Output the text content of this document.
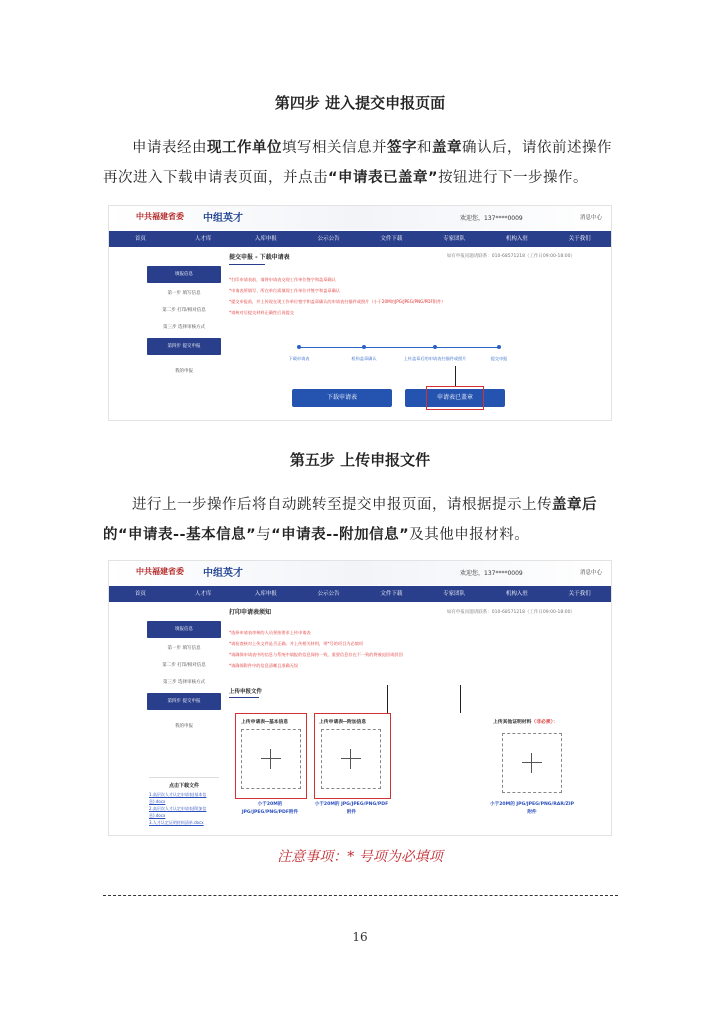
第四步 进入提交申报页面
申请表经由现工作单位填写相关信息并签字和盖章确认后，请依前述操作再次进入下载申请表页面，并点击“申请表已盖章”按钮进行下一步操作。
中共福建省委 中组英才	欢迎您，137****0009	消息中心
首页	人才库	入库申报	公示公告	文件下载	专家团队	机构入驻	关于我们
填报信息
第一步 填写信息
第二步 打印/相对信息
第三步 选择审核方式
第四步 提交申报
我的申报
提交申报 - 下载申请表	如有申报问题请联系：010-68571218（工作日09:00-18:00）
*打印申请表前，请将申请表交现工作单位签字和盖章确认
*申请表所填写、所在单位需填现工作单位并签字和盖章确认
*提交申报前，并上传现在现工作单位签字和盖章确认的申请表扫描件或照片（小于20M的JPG/JPEG/PNG/PDF附件）
*请核对后提交材料正确性后再提交
下载申请表	机构盖章确认	上传盖章后的申请表扫描件或照片	提交申报
下载申请表	申请表已盖章
第五步 上传申报文件
进行上一步操作后将自动跳转至提交申报页面，请根据提示上传盖章后的“申请表--基本信息”与“申请表--附加信息”及其他申报材料。
中共福建省委 中组英才	欢迎您，137****0009	消息中心
首页	人才库	入库申报	公示公告	文件下载	专家团队	机构入驻	关于我们
填报信息
第一步 填写信息
第二步 打印/相对信息
第三步 选择审核方式
第四步 提交申报
我的申报
点击下载文件
1.高层次人才认定申请表(基本信息).docx
2.高层次人才认定申请表(附加信息).docx
3.人才认定证明材料清单.docx
打印申请表须知	如有申报问题请联系：010-68571218（工作日09:00-18:00）
*选择申请表审核的人员须按要求上传申请表
*请检查核对上传文件是否正确，并上传相关材料，带*号的项目为必填项
*请确保申请表中的信息与系统中填报的信息保持一致，重要信息存在不一致的将被退回或驳回
*请确保附件中的信息清晰且准确无误
上传申报文件
上传申请表--基本信息	上传申请表--附加信息	上传其他证明材料（非必须）：
小于20M的 JPG/JPEG/PNG/PDF附件
小于20M的 JPG/JPEG/PNG/PDF附件
小于20M的 JPG/JPEG/PNG/RAR/ZIP 附件
注意事项：* 号项为必填项
16
